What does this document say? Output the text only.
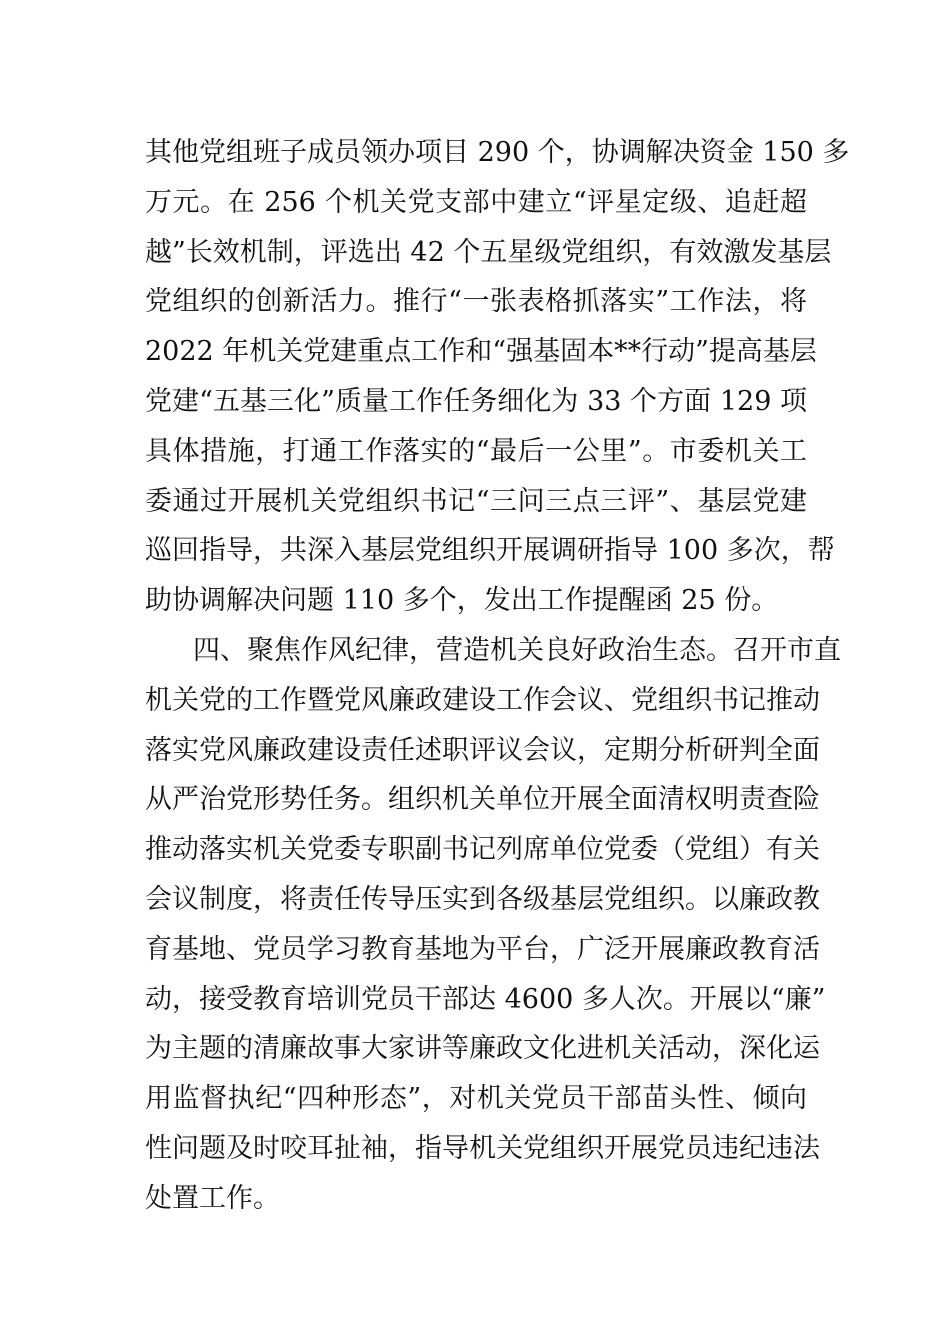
其他党组班子成员领办项目 290 个，协调解决资金 150 多
万元。在 256 个机关党支部中建立“评星定级、追赶超
越”长效机制，评选出 42 个五星级党组织，有效激发基层
党组织的创新活力。推行“一张表格抓落实”工作法，将
2022 年机关党建重点工作和“强基固本**行动”提高基层
党建“五基三化”质量工作任务细化为 33 个方面 129 项
具体措施，打通工作落实的“最后一公里”。市委机关工
委通过开展机关党组织书记“三问三点三评”、基层党建
巡回指导，共深入基层党组织开展调研指导 100 多次，帮
助协调解决问题 110 多个，发出工作提醒函 25 份。
四、聚焦作风纪律，营造机关良好政治生态。召开市直
机关党的工作暨党风廉政建设工作会议、党组织书记推动
落实党风廉政建设责任述职评议会议，定期分析研判全面
从严治党形势任务。组织机关单位开展全面清权明责查险
推动落实机关党委专职副书记列席单位党委（党组）有关
会议制度，将责任传导压实到各级基层党组织。以廉政教
育基地、党员学习教育基地为平台，广泛开展廉政教育活
动，接受教育培训党员干部达 4600 多人次。开展以“廉”
为主题的清廉故事大家讲等廉政文化进机关活动，深化运
用监督执纪“四种形态”，对机关党员干部苗头性、倾向
性问题及时咬耳扯袖，指导机关党组织开展党员违纪违法
处置工作。
